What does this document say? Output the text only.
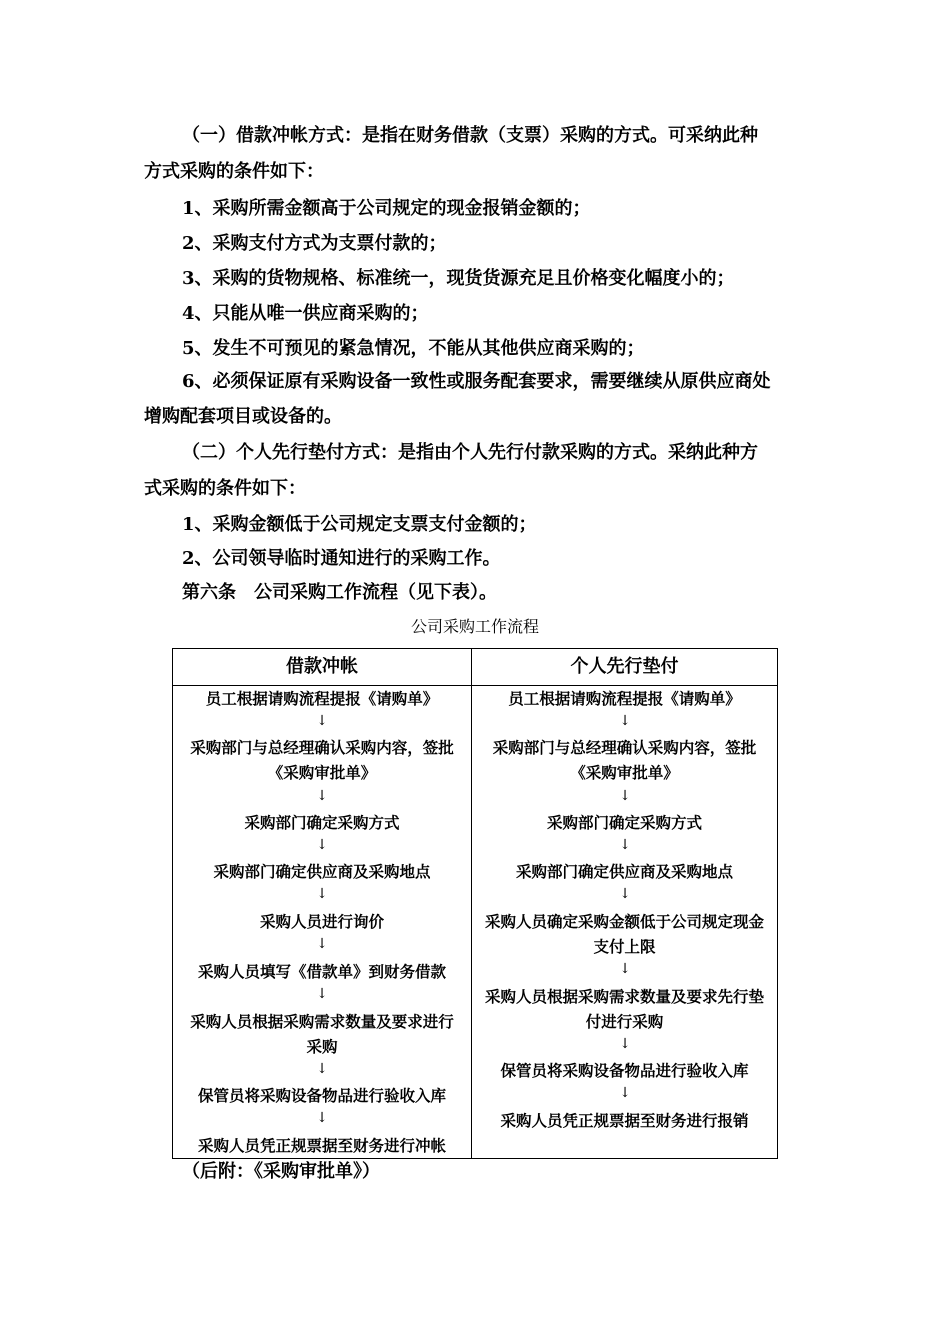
（一）借款冲帐方式：是指在财务借款（支票）采购的方式。可采纳此种
方式采购的条件如下：
1、采购所需金额高于公司规定的现金报销金额的；
2、采购支付方式为支票付款的；
3、采购的货物规格、标准统一，现货货源充足且价格变化幅度小的；
4、只能从唯一供应商采购的；
5、发生不可预见的紧急情况，不能从其他供应商采购的；
6、必须保证原有采购设备一致性或服务配套要求，需要继续从原供应商处
增购配套项目或设备的。
（二）个人先行垫付方式：是指由个人先行付款采购的方式。采纳此种方
式采购的条件如下：
1、采购金额低于公司规定支票支付金额的；
2、公司领导临时通知进行的采购工作。
第六条　公司采购工作流程（见下表）。
公司采购工作流程
借款冲帐	个人先行垫付
员工根据请购流程提报《请购单》
↓
采购部门与总经理确认采购内容，签批《采购审批单》
↓
采购部门确定采购方式
↓
采购部门确定供应商及采购地点
↓
采购人员进行询价
↓
采购人员填写《借款单》到财务借款
↓
采购人员根据采购需求数量及要求进行采购
↓
保管员将采购设备物品进行验收入库
↓
采购人员凭正规票据至财务进行冲帐
员工根据请购流程提报《请购单》
↓
采购部门与总经理确认采购内容，签批《采购审批单》
↓
采购部门确定采购方式
↓
采购部门确定供应商及采购地点
↓
采购人员确定采购金额低于公司规定现金支付上限
↓
采购人员根据采购需求数量及要求先行垫付进行采购
↓
保管员将采购设备物品进行验收入库
↓
采购人员凭正规票据至财务进行报销
（后附：《采购审批单》）
